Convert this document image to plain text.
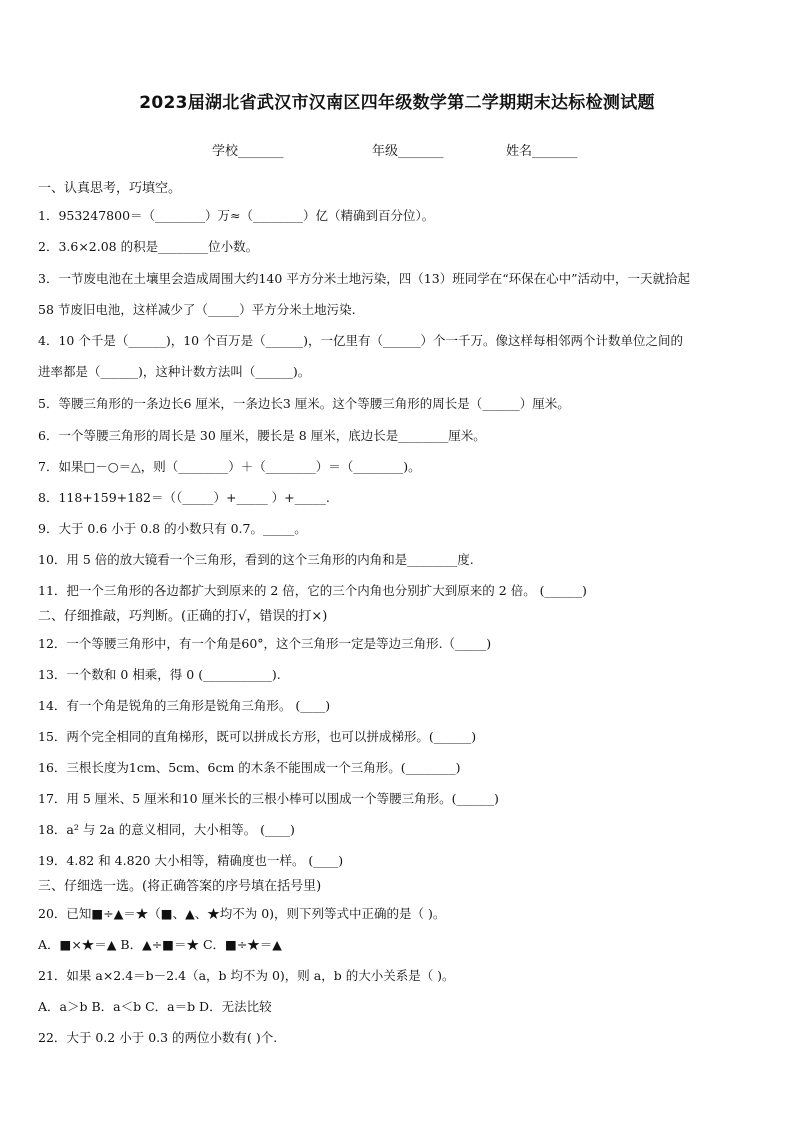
2023届湖北省武汉市汉南区四年级数学第二学期期末达标检测试题
学校_______	年级_______	姓名_______
一、认真思考，巧填空。
1．953247800＝（________）万≈（________）亿（精确到百分位）。
2．3.6×2.08 的积是________位小数。
3．一节废电池在土壤里会造成周围大约140 平方分米土地污染，四（13）班同学在“环保在心中”活动中，一天就拾起
58 节废旧电池，这样减少了（_____）平方分米土地污染.
4．10 个千是（______)，10 个百万是（______)，一亿里有（______）个一千万。像这样每相邻两个计数单位之间的
进率都是（______)，这种计数方法叫（______)。
5．等腰三角形的一条边长6 厘米，一条边长3 厘米。这个等腰三角形的周长是（______）厘米。
6．一个等腰三角形的周长是 30 厘米，腰长是 8 厘米，底边长是________厘米。
7．如果□－○＝△，则（________）＋（________）＝（________)。
8．118+159+182＝（（_____）+_____ ）+_____.
9．大于 0.6 小于 0.8 的小数只有 0.7。_____。
10．用 5 倍的放大镜看一个三角形，看到的这个三角形的内角和是________度.
11．把一个三角形的各边都扩大到原来的 2 倍，它的三个内角也分别扩大到原来的 2 倍。 (______)
二、仔细推敲，巧判断。(正确的打√，错误的打×)
12．一个等腰三角形中，有一个角是60°，这个三角形一定是等边三角形.（_____)
13．一个数和 0 相乘，得 0 (___________).
14．有一个角是锐角的三角形是锐角三角形。 (____)
15．两个完全相同的直角梯形，既可以拼成长方形，也可以拼成梯形。(______)
16．三根长度为1cm、5cm、6cm 的木条不能围成一个三角形。(________)
17．用 5 厘米、5 厘米和10 厘米长的三根小棒可以围成一个等腰三角形。(______)
18．a² 与 2a 的意义相同，大小相等。 (____)
19．4.82 和 4.820 大小相等，精确度也一样。 (____)
三、仔细选一选。(将正确答案的序号填在括号里)
20．已知■÷▲＝★（■、▲、★均不为 0)，则下列等式中正确的是（ )。
A．■×★＝▲ B．▲÷■＝★ C．■÷★＝▲
21．如果 a×2.4＝b－2.4（a，b 均不为 0)，则 a，b 的大小关系是（ )。
A．a＞b B．a＜b C．a＝b D．无法比较
22．大于 0.2 小于 0.3 的两位小数有( )个.
